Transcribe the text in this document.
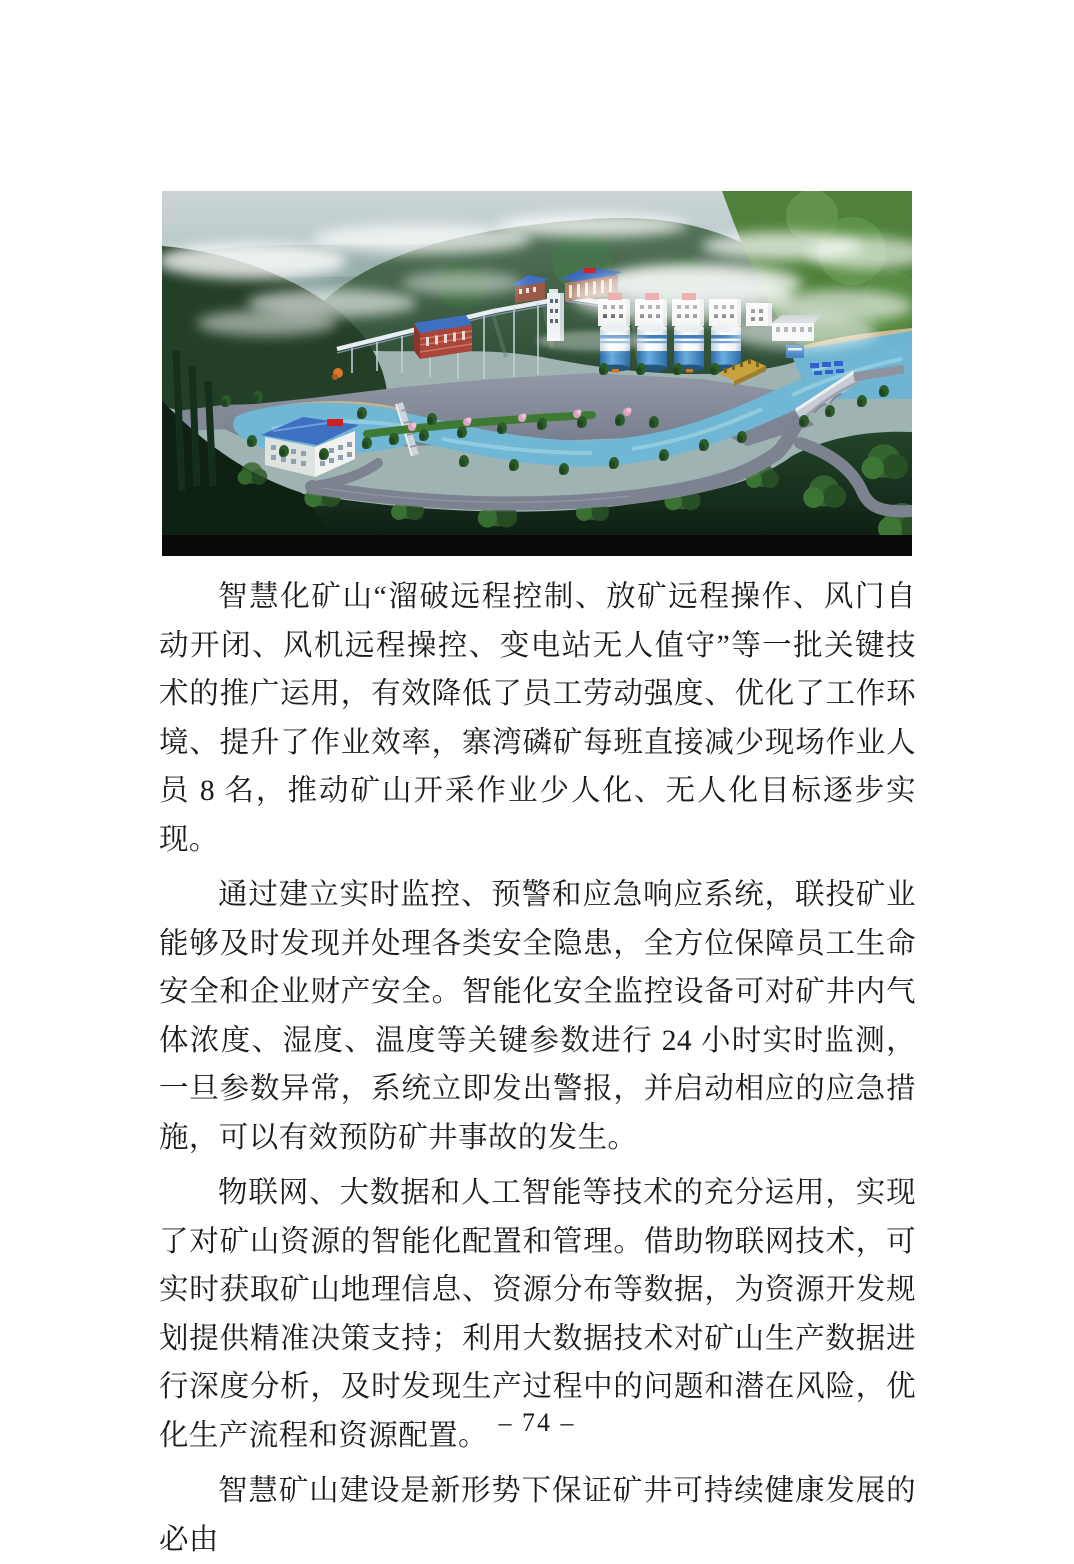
智慧化矿山“溜破远程控制、放矿远程操作、风门自动开闭、风机远程操控、变电站无人值守”等一批关键技术的推广运用，有效降低了员工劳动强度、优化了工作环境、提升了作业效率，寨湾磷矿每班直接减少现场作业人员 8 名，推动矿山开采作业少人化、无人化目标逐步实现。

通过建立实时监控、预警和应急响应系统，联投矿业能够及时发现并处理各类安全隐患，全方位保障员工生命安全和企业财产安全。智能化安全监控设备可对矿井内气体浓度、湿度、温度等关键参数进行 24 小时实时监测，一旦参数异常，系统立即发出警报，并启动相应的应急措施，可以有效预防矿井事故的发生。

物联网、大数据和人工智能等技术的充分运用，实现了对矿山资源的智能化配置和管理。借助物联网技术，可实时获取矿山地理信息、资源分布等数据，为资源开发规划提供精准决策支持；利用大数据技术对矿山生产数据进行深度分析，及时发现生产过程中的问题和潜在风险，优化生产流程和资源配置。

智慧矿山建设是新形势下保证矿井可持续健康发展的必由

– 74 –
